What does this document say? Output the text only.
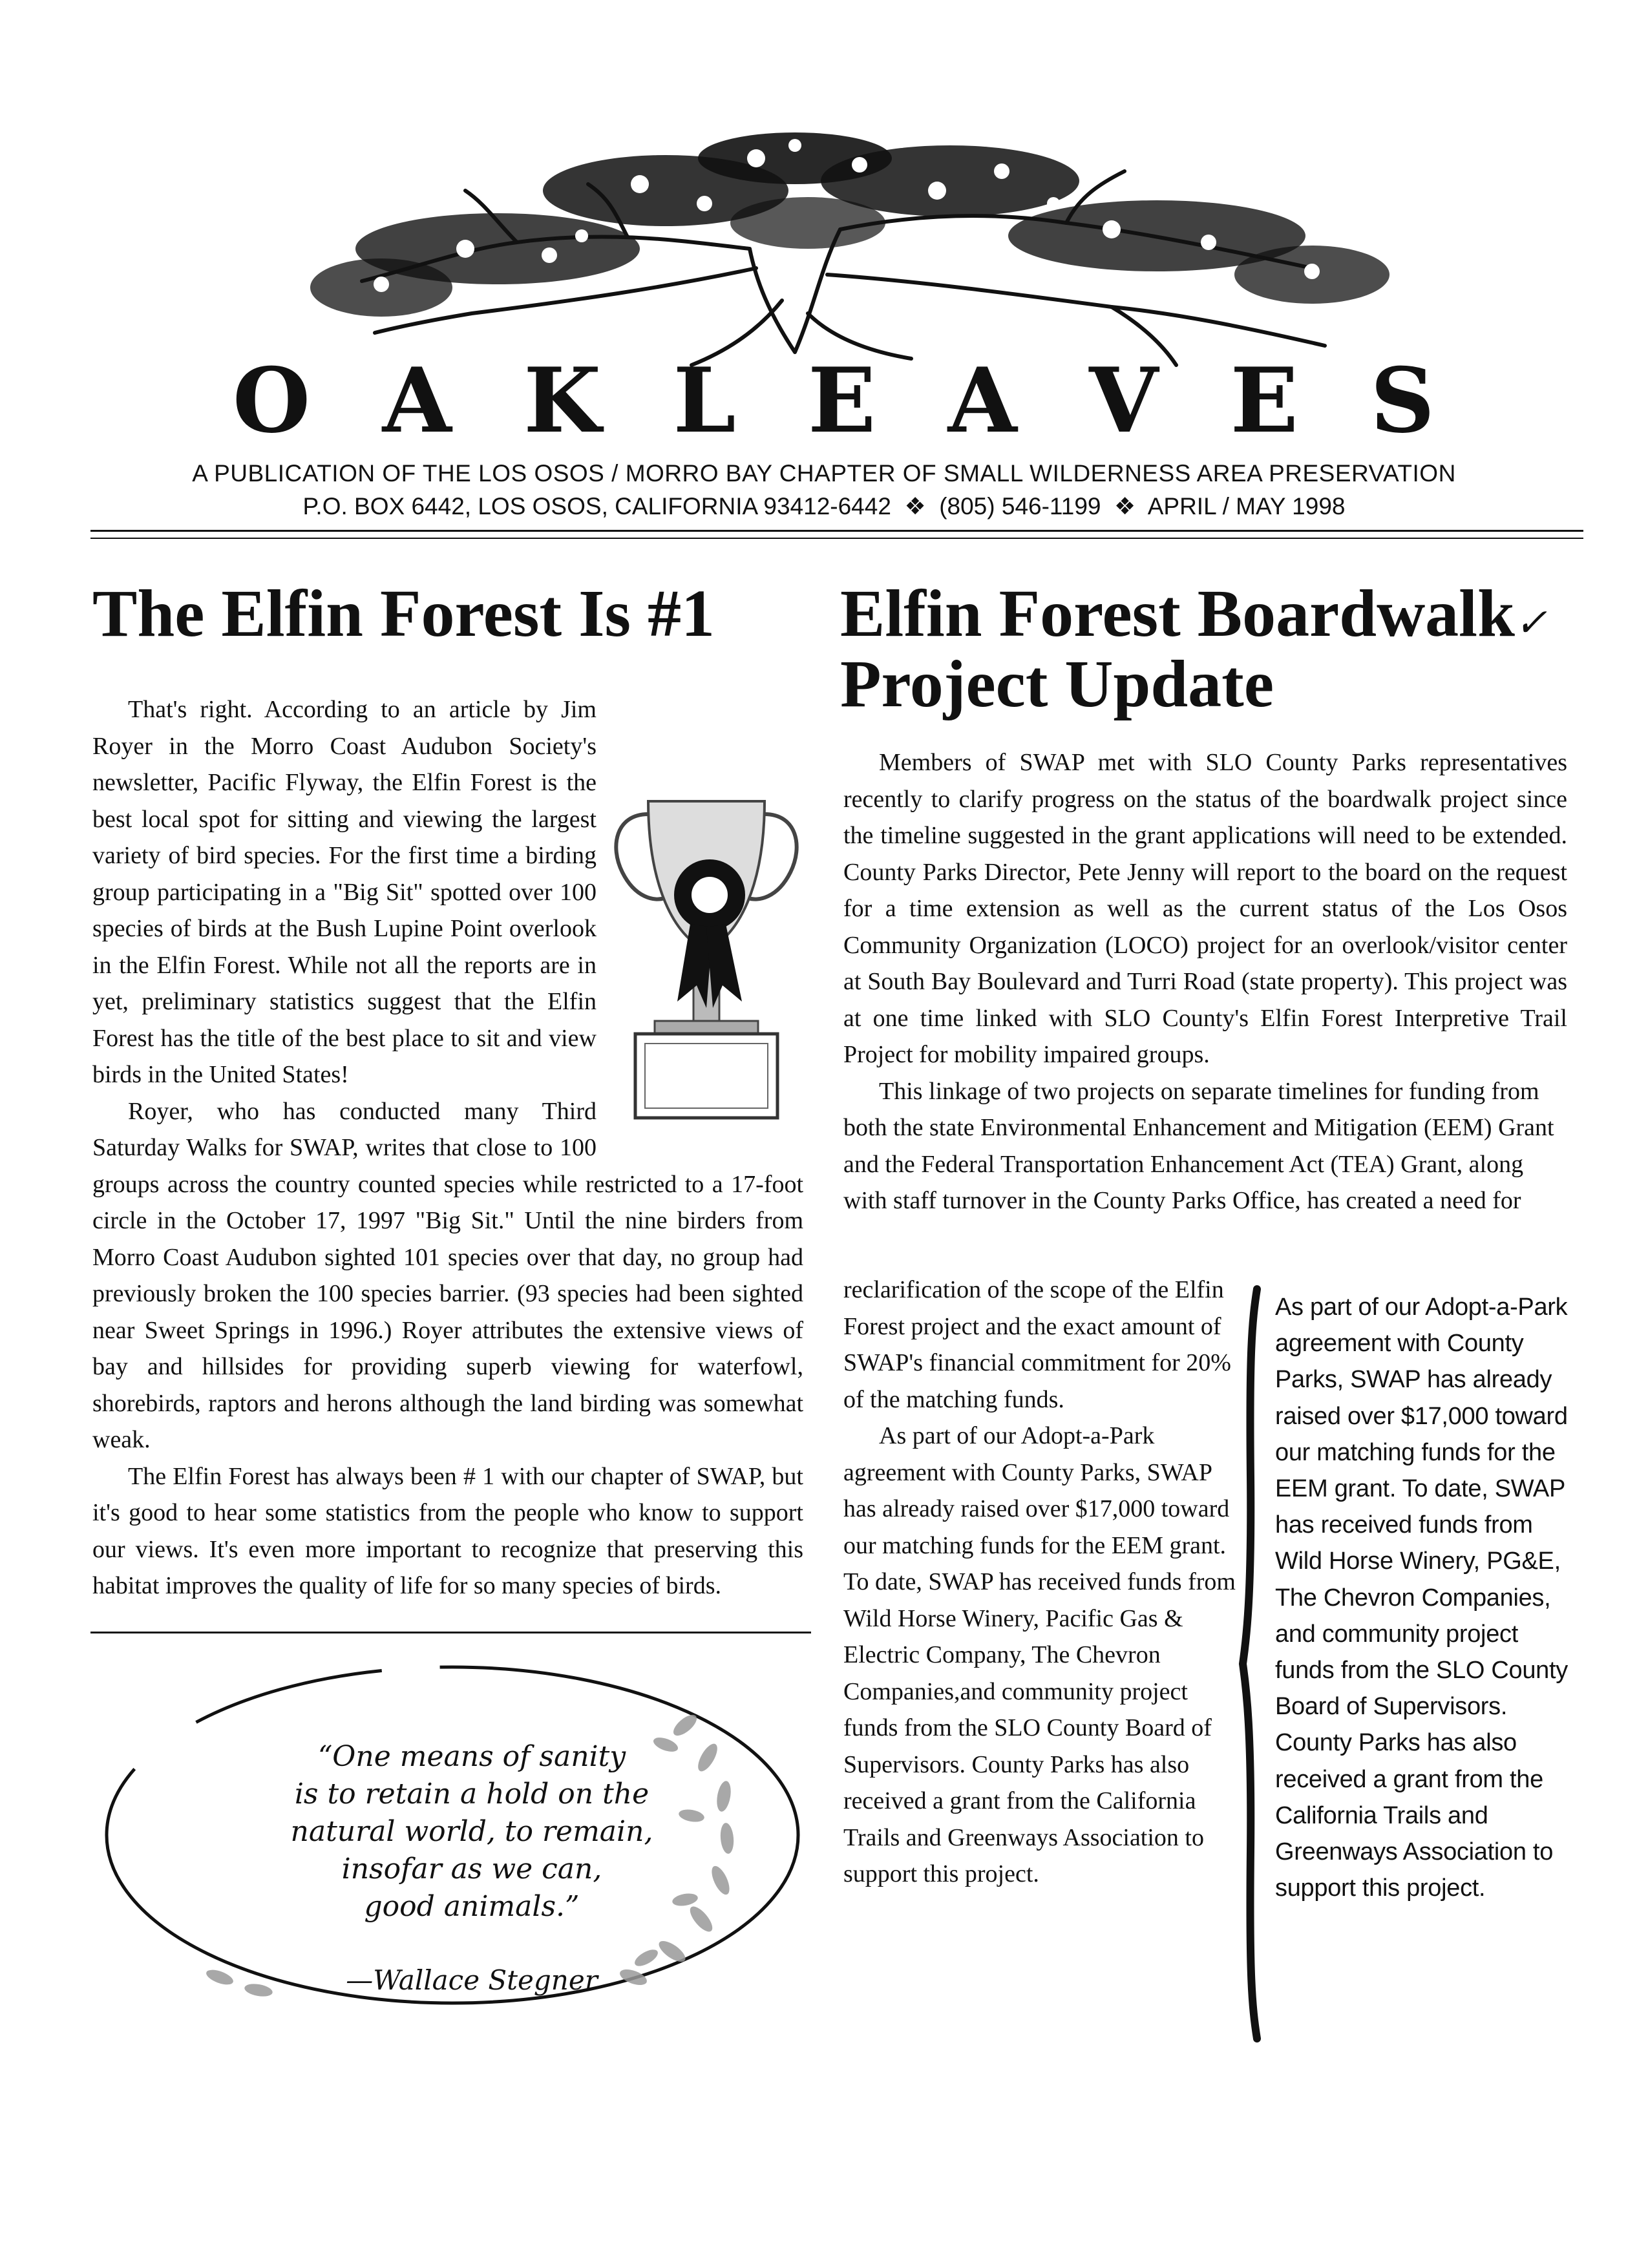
O A K L E A V E S
A PUBLICATION OF THE LOS OSOS / MORRO BAY CHAPTER OF SMALL WILDERNESS AREA PRESERVATION
P.O. BOX 6442, LOS OSOS, CALIFORNIA 93412-6442  ❖  (805) 546-1199  ❖  APRIL / MAY 1998
The Elfin Forest Is #1

That's right. According to an article by Jim Royer in the Morro Coast Audubon Society's newsletter, Pacific Flyway, the Elfin Forest is the best local spot for sitting and viewing the largest variety of bird species. For the first time a birding group participating in a "Big Sit" spotted over 100 species of birds at the Bush Lupine Point overlook in the Elfin Forest. While not all the reports are in yet, preliminary statistics suggest that the Elfin Forest has the title of the best place to sit and view birds in the United States!

Royer, who has conducted many Third Saturday Walks for SWAP, writes that close to 100 groups across the country counted species while restricted to a 17-foot circle in the October 17, 1997 "Big Sit." Until the nine birders from Morro Coast Audubon sighted 101 species over that day, no group had previously broken the 100 species barrier. (93 species had been sighted near Sweet Springs in 1996.) Royer attributes the extensive views of bay and hillsides for providing superb viewing for waterfowl, shorebirds, raptors and herons although the land birding was somewhat weak.

The Elfin Forest has always been # 1 with our chapter of SWAP, but it's good to hear some statistics from the people who know to support our views. It's even more important to recognize that preserving this habitat improves the quality of life for so many species of birds.

“One means of sanity
is to retain a hold on the
natural world, to remain,
insofar as we can,
good animals.”
—Wallace Stegner
Elfin Forest Boardwalk✓
Project Update

Members of SWAP met with SLO County Parks representatives recently to clarify progress on the status of the boardwalk project since the timeline suggested in the grant applications will need to be extended. County Parks Director, Pete Jenny will report to the board on the request for a time extension as well as the current status of the Los Osos Community Organization (LOCO) project for an overlook/visitor center at South Bay Boulevard and Turri Road (state property). This project was at one time linked with SLO County's Elfin Forest Interpretive Trail Project for mobility impaired groups.

This linkage of two projects on separate timelines for funding from both the state Environmental Enhancement and Mitigation (EEM) Grant and the Federal Transportation Enhancement Act (TEA) Grant, along with staff turnover in the County Parks Office, has created a need for

reclarification of the scope of the Elfin Forest project and the exact amount of SWAP's financial commitment for 20% of the matching funds.

As part of our Adopt-a-Park agreement with County Parks, SWAP has already raised over $17,000 toward our matching funds for the EEM grant. To date, SWAP has received funds from Wild Horse Winery, Pacific Gas & Electric Company, The Chevron Companies,and community project funds from the SLO County Board of Supervisors. County Parks has also received a grant from the California Trails and Greenways Association to support this project.

As part of our Adopt-a-Park agreement with County Parks, SWAP has already raised over $17,000 toward our matching funds for the EEM grant. To date, SWAP has received funds from Wild Horse Winery, PG&E, The Chevron Companies, and community project funds from the SLO County Board of Supervisors.
County Parks has also received a grant from the California Trails and Greenways Association to support this project.
